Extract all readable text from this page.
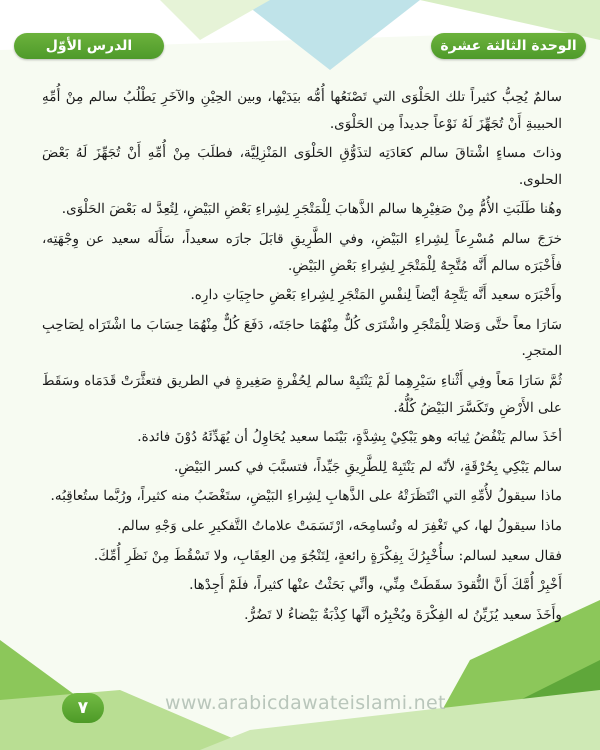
الوحدة الثالثة عشرة
الدرس الأوّل

سالمٌ يُحِبُّ كثيراً تلك الحَلْوَى التي تَصْنَعُها أُمُّه بيَدَيْها، وبين الحِيْنِ والآخَرِ يَطْلُبُ سالم مِنْ أُمِّهِ الحبيبةِ أَنْ تُجَهِّزَ لَهُ نَوْعاً جديداً مِن الحَلْوَى.

وذاتَ مساءٍ اشْتاقَ سالم كعَادَتِه لتذَوُّقِ الحَلْوَى المَنْزِلِيَّة، فطلَبَ مِنْ أُمِّهِ أَنْ تُجَهِّزَ لَهُ بَعْضَ الحلوى.

وهُنا طَلَبَتِ الأُمُّ مِنْ صَغِيْرِها سالم الذَّهابَ لِلْمَتْجَرِ لِشِراءِ بَعْضِ البَيْضِ، لِتُعِدَّ له بَعْضَ الحَلْوَى.

خرَجَ سالم مُسْرِعاً لِشِراءِ البَيْضِ، وفي الطَّرِيقِ قابَلَ جارَه سعيداً، سَأَلَه سعيد عن وِجْهَتِه، فأَخْبَرَه سالم أَنَّه مُتَّجِهٌ لِلْمَتْجَرِ لِشِراءِ بَعْضِ البَيْضِ.

وأَخْبَرَه سعيد أَنَّه يَتَّجِهُ أيْضاً لِنفْسِ المَتْجَرِ لِشِراءِ بَعْضِ حاجِيَاتِ دارِه.

سَارَا معاً حتَّى وَصَلا لِلْمَتْجَرِ واشْتَرَى كُلٌّ مِنْهُمَا حاجَتَه، دَفَعَ كُلٌّ مِنْهُمَا حِسَابَ ما اشْتَرَاه لِصَاحِبِ المتجرِ.

ثُمَّ سَارَا مَعاً وفِي أَثْناءِ سَيْرِهِما لَمْ يَنْتَبِهْ سالم لِحُفْرةٍ صَغِيرةٍ في الطريق فتعثَّرَتْ قَدَمَاه وسَقَطَ على الأَرْضِ وتَكَسَّرَ البَيْضُ كُلُّهُ.

أخَذَ سالم يَنْفُضُ ثِيابَه وهو يَبْكِيْ بِشِدَّةٍ، بَيْنَما سعيد يُحَاوِلُ أن يُهَدِّئَهُ دُوْنَ فائدة.

سالم يَبْكِي بِحُرْقَةٍ، لأنّه لم يَنْتَبِهْ لِلطَّرِيقِ جَيِّداً، فتسبَّبَ في كسر البَيْضِ.

ماذا سيقولُ لأُمِّهِ التي انْتَظَرَتْهُ على الذَّهابِ لِشِراءِ البَيْضِ، ستَغْضَبُ منه كثيراً، ورُبَّما ستُعاقِبُه.

ماذا سيقولُ لها، كي تَغْفِرَ له وتُسامِحَه، ارْتَسَمَتْ علاماتُ التَّفكيرِ على وَجْهِ سالم.

فقال سعيد لسالم: سأُخْبِرُكَ بِفِكْرَةٍ رائعةٍ، لِتَنْجُوَ مِن العِقَابِ، ولا تَسْقُطَ مِنْ نَظَرِ أُمِّكَ.

أَخْبِرْ أُمَّكَ أَنَّ النُّقودَ سقَطَتْ مِنِّي، وأنِّي بَحَثْتُ عنْها كثيراً، فلَمْ أَجِدْها.

وأَخَذَ سعيد يُزَيِّنُ له الفِكْرَةَ ويُخْبِرُه أنَّها كِذْبَةٌ بَيْضاءُ لا تَضُرُّ.

www.arabicdawateislami.net
٧
